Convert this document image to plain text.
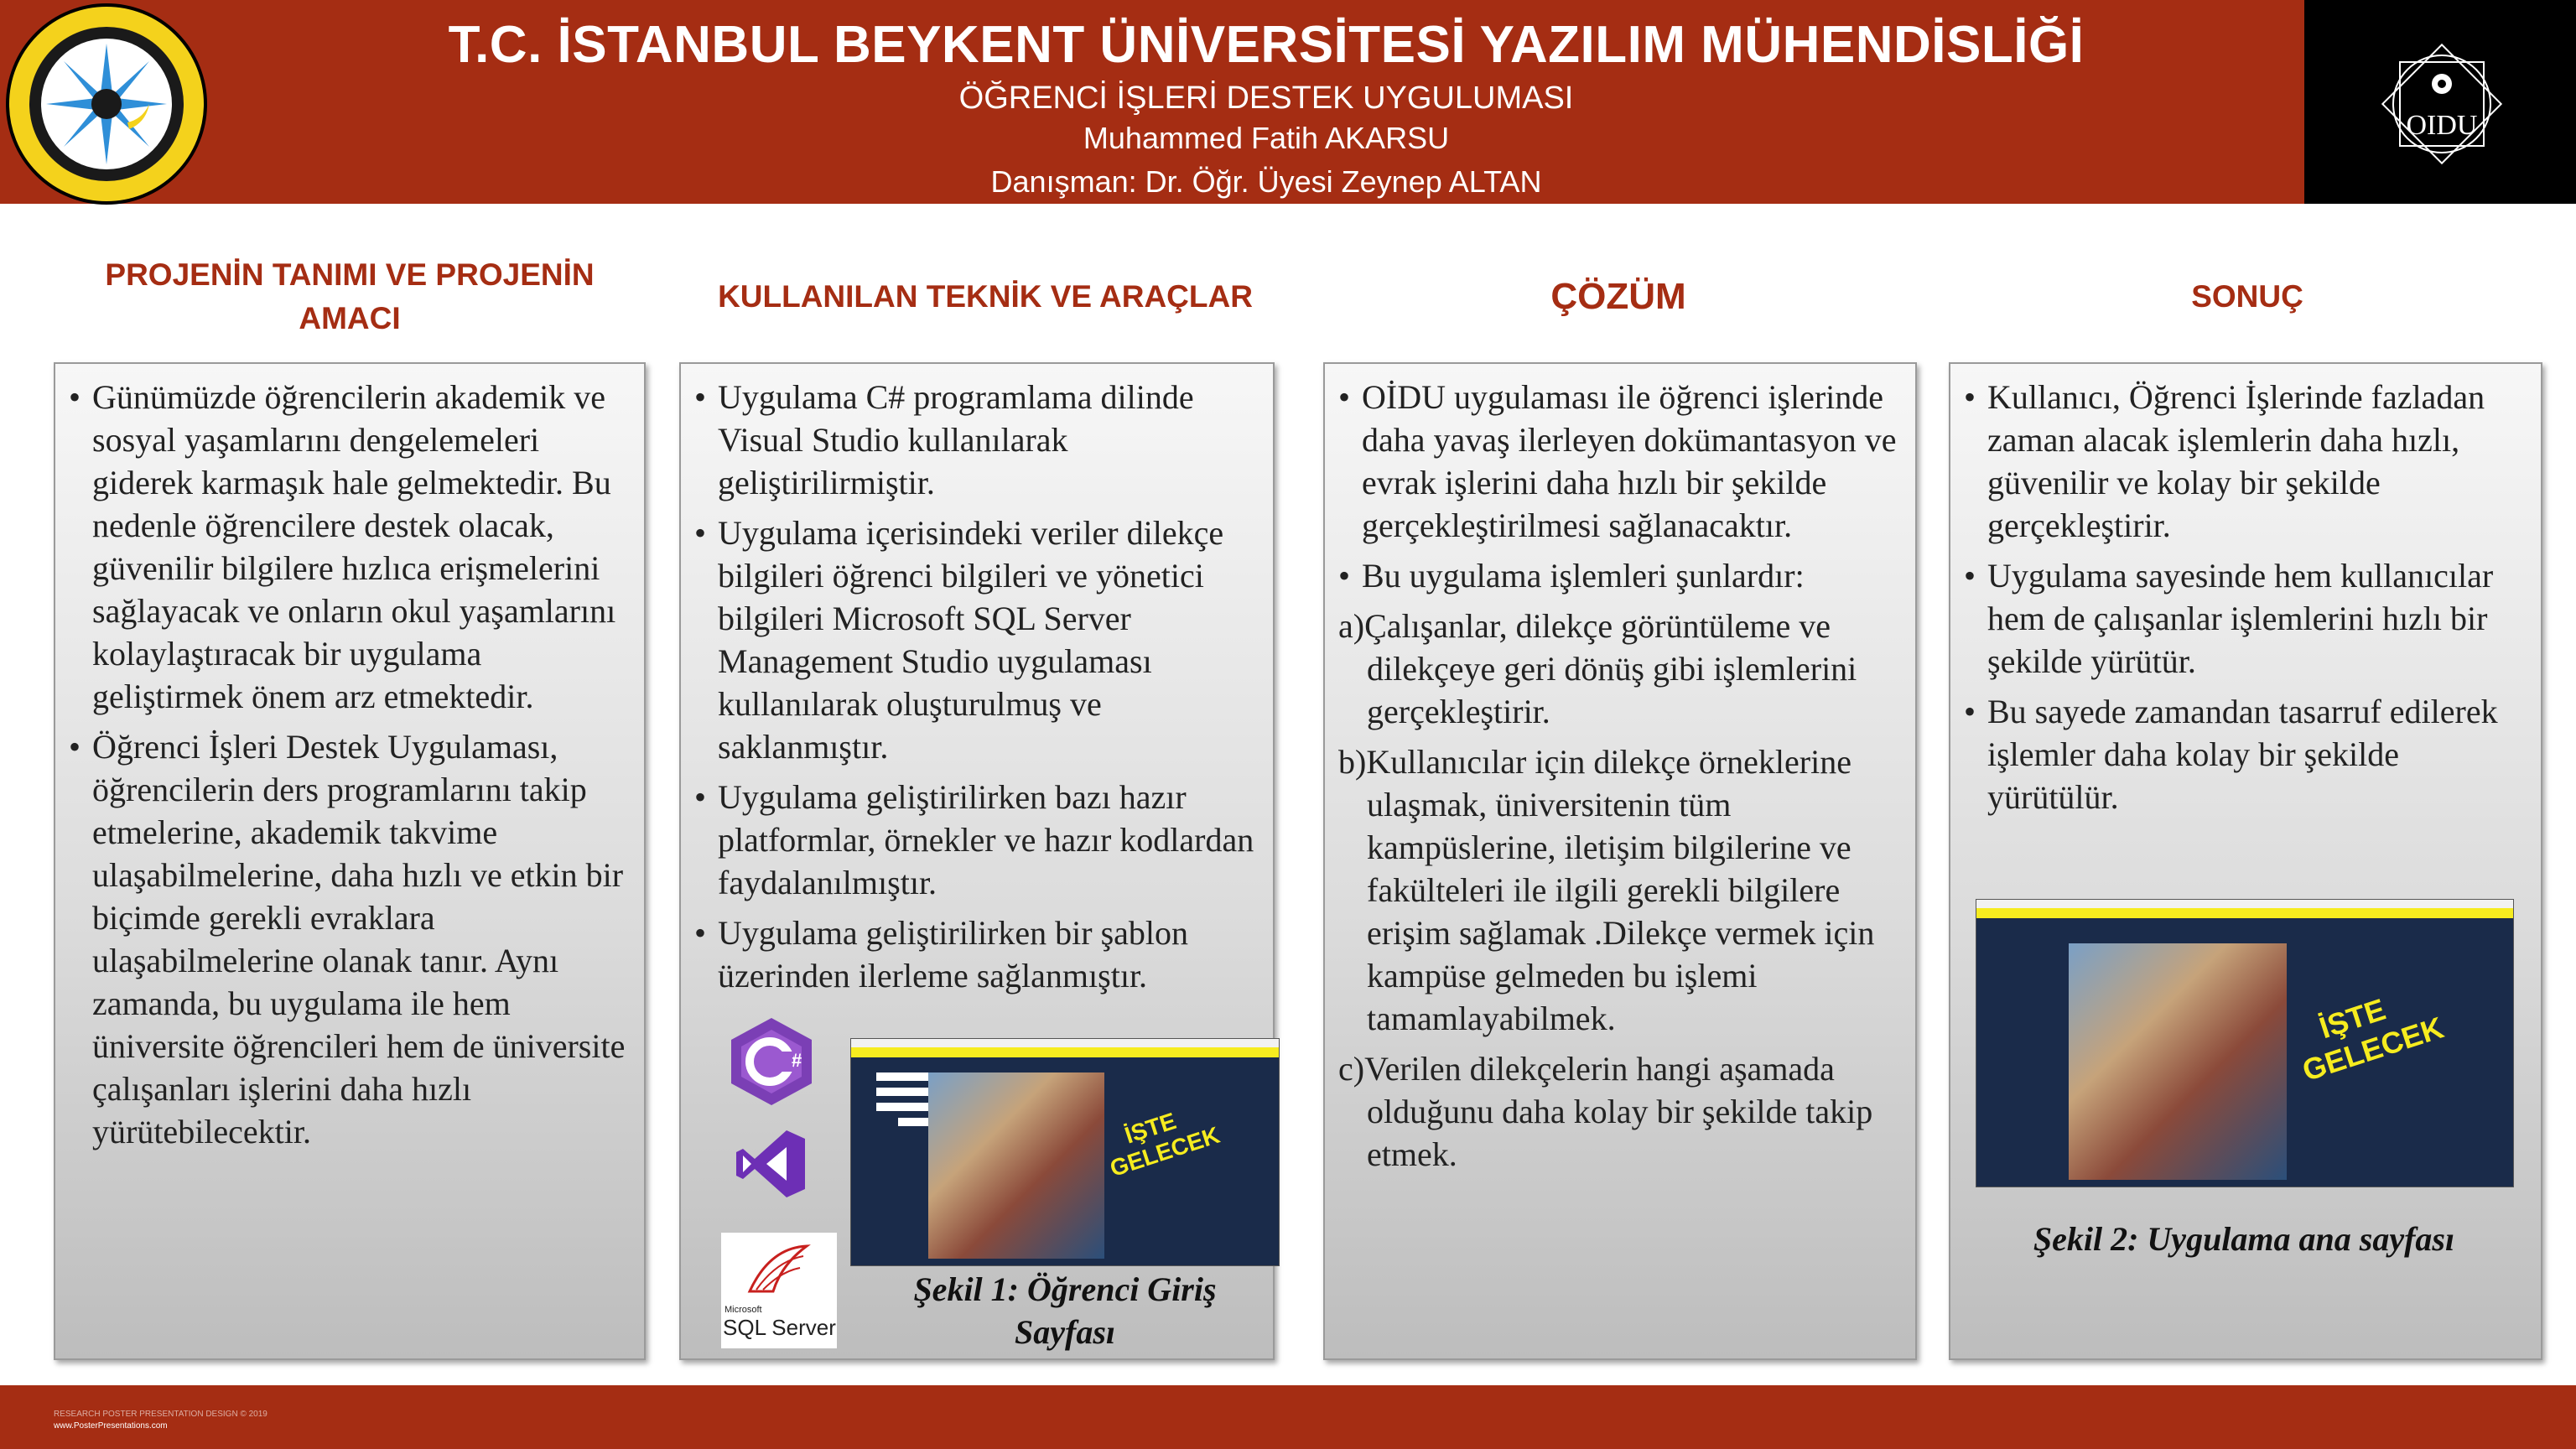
T.C. İSTANBUL BEYKENT ÜNİVERSİTESİ YAZILIM MÜHENDİSLİĞİ
ÖĞRENCİ İŞLERİ DESTEK UYGULUMASI
Muhammed Fatih AKARSU
Danışman: Dr. Öğr. Üyesi Zeynep ALTAN
OIDU
PROJENİN TANIMI VE PROJENİN AMACI
KULLANILAN TEKNİK VE ARAÇLAR	ÇÖZÜM	SONUÇ
• Günümüzde öğrencilerin akademik ve sosyal yaşamlarını dengelemeleri giderek karmaşık hale gelmektedir. Bu nedenle öğrencilere destek olacak, güvenilir bilgilere hızlıca erişmelerini sağlayacak ve onların okul yaşamlarını kolaylaştıracak bir uygulama geliştirmek önem arz etmektedir.
• Öğrenci İşleri Destek Uygulaması, öğrencilerin ders programlarını takip etmelerine, akademik takvime ulaşabilmelerine, daha hızlı ve etkin bir biçimde gerekli evraklara ulaşabilmelerine olanak tanır. Aynı zamanda, bu uygulama ile hem üniversite öğrencileri hem de üniversite çalışanları işlerini daha hızlı yürütebilecektir.
• Uygulama C# programlama dilinde Visual Studio kullanılarak geliştirilirmiştir.
• Uygulama içerisindeki veriler dilekçe bilgileri öğrenci bilgileri ve yönetici bilgileri Microsoft SQL Server Management Studio uygulaması kullanılarak oluşturulmuş ve saklanmıştır.
• Uygulama geliştirilirken bazı hazır platformlar, örnekler ve hazır kodlardan faydalanılmıştır.
• Uygulama geliştirilirken bir şablon üzerinden ilerleme sağlanmıştır.
#
Microsoft
SQL Server
İŞTE GELECEK
Şekil 1: Öğrenci Giriş Sayfası
• OİDU uygulaması ile öğrenci işlerinde daha yavaş ilerleyen dokümantasyon ve evrak işlerini daha hızlı bir şekilde gerçekleştirilmesi sağlanacaktır.
• Bu uygulama işlemleri şunlardır:
a)Çalışanlar, dilekçe görüntüleme ve dilekçeye geri dönüş gibi işlemlerini gerçekleştirir.
b)Kullanıcılar için dilekçe örneklerine ulaşmak, üniversitenin tüm kampüslerine, iletişim bilgilerine ve fakülteleri ile ilgili gerekli bilgilere erişim sağlamak .Dilekçe vermek için kampüse gelmeden bu işlemi tamamlayabilmek.
c)Verilen dilekçelerin hangi aşamada olduğunu daha kolay bir şekilde takip etmek.
• Kullanıcı, Öğrenci İşlerinde fazladan zaman alacak işlemlerin daha hızlı, güvenilir ve kolay bir şekilde gerçekleştirir.
• Uygulama sayesinde hem kullanıcılar hem de çalışanlar işlemlerini hızlı bir şekilde yürütür.
• Bu sayede zamandan tasarruf edilerek işlemler daha kolay bir şekilde yürütülür.
İŞTE GELECEK
Şekil 2: Uygulama ana sayfası
RESEARCH POSTER PRESENTATION DESIGN © 2019
www.PosterPresentations.com
